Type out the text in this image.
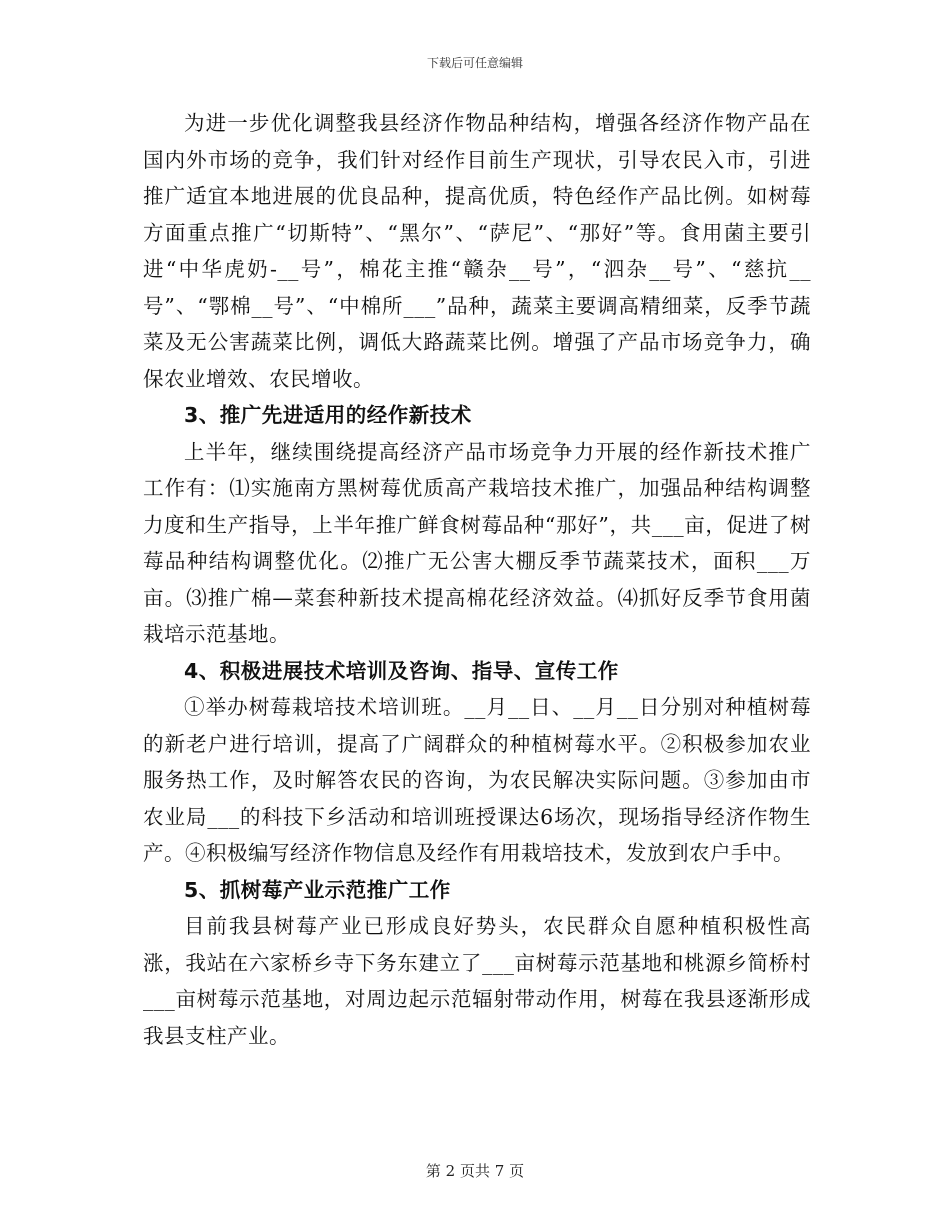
下载后可任意编辑

为进一步优化调整我县经济作物品种结构，增强各经济作物产品在国内外市场的竞争，我们针对经作目前生产现状，引导农民入市，引进推广适宜本地进展的优良品种，提高优质，特色经作产品比例。如树莓方面重点推广“切斯特”、“黑尔”、“萨尼”、“那好”等。食用菌主要引进“中华虎奶-__号”，棉花主推“赣杂__号”，“泗杂__号”、“慈抗__号”、“鄂棉__号”、“中棉所___”品种，蔬菜主要调高精细菜，反季节蔬菜及无公害蔬菜比例，调低大路蔬菜比例。增强了产品市场竞争力，确保农业增效、农民增收。

3、推广先进适用的经作新技术

上半年，继续围绕提高经济产品市场竞争力开展的经作新技术推广工作有：⑴实施南方黑树莓优质高产栽培技术推广，加强品种结构调整力度和生产指导，上半年推广鲜食树莓品种“那好”，共___亩，促进了树莓品种结构调整优化。⑵推广无公害大棚反季节蔬菜技术，面积___万亩。⑶推广棉—菜套种新技术提高棉花经济效益。⑷抓好反季节食用菌栽培示范基地。

4、积极进展技术培训及咨询、指导、宣传工作

①举办树莓栽培技术培训班。__月__日、__月__日分别对种植树莓的新老户进行培训，提高了广阔群众的种植树莓水平。②积极参加农业服务热工作，及时解答农民的咨询，为农民解决实际问题。③参加由市农业局___的科技下乡活动和培训班授课达6场次，现场指导经济作物生产。④积极编写经济作物信息及经作有用栽培技术，发放到农户手中。

5、抓树莓产业示范推广工作

目前我县树莓产业已形成良好势头，农民群众自愿种植积极性高涨，我站在六家桥乡寺下务东建立了___亩树莓示范基地和桃源乡简桥村___亩树莓示范基地，对周边起示范辐射带动作用，树莓在我县逐渐形成我县支柱产业。

第 2 页共 7 页
